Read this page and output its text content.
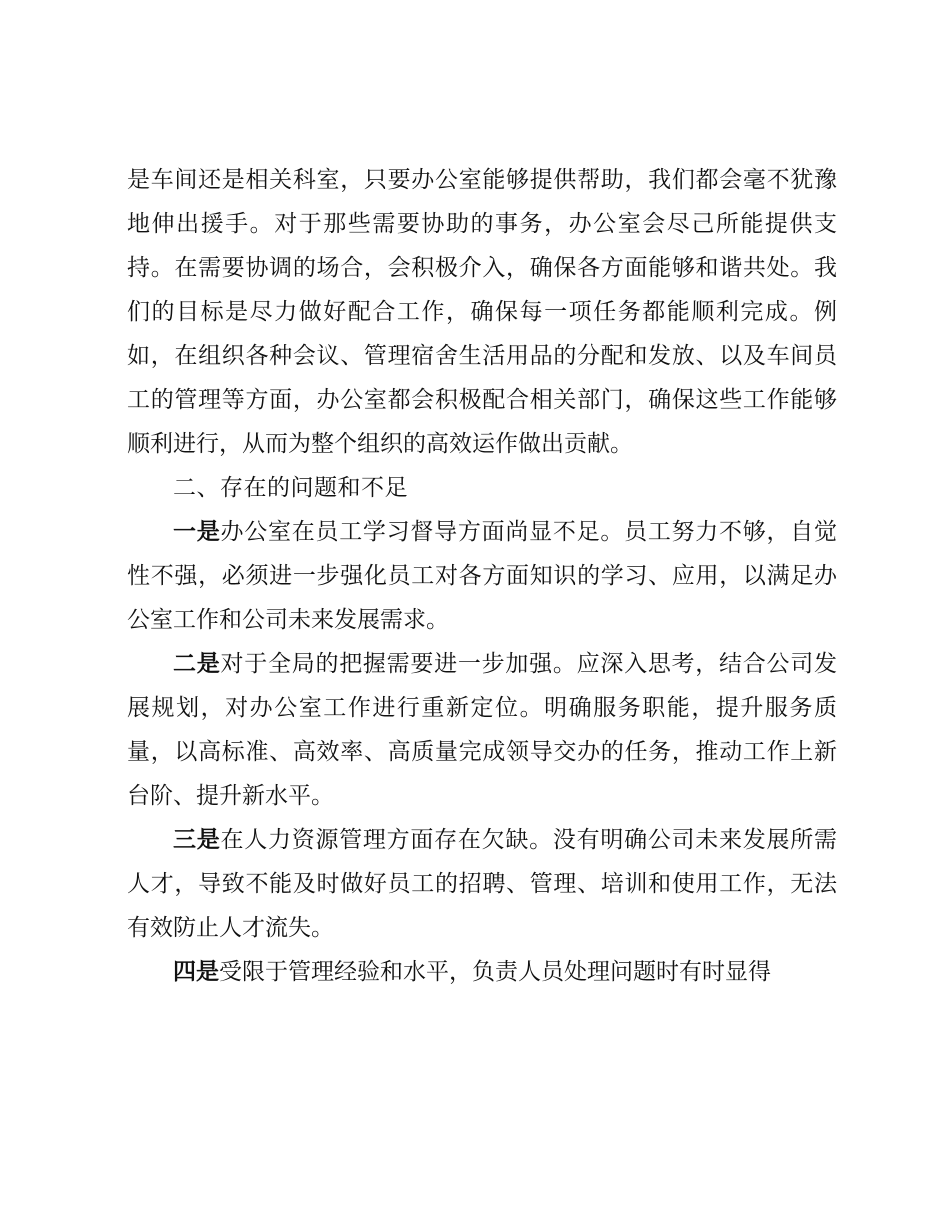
是车间还是相关科室，只要办公室能够提供帮助，我们都会毫不犹豫地伸出援手。对于那些需要协助的事务，办公室会尽己所能提供支持。在需要协调的场合，会积极介入，确保各方面能够和谐共处。我们的目标是尽力做好配合工作，确保每一项任务都能顺利完成。例如，在组织各种会议、管理宿舍生活用品的分配和发放、以及车间员工的管理等方面，办公室都会积极配合相关部门，确保这些工作能够顺利进行，从而为整个组织的高效运作做出贡献。

二、存在的问题和不足

一是办公室在员工学习督导方面尚显不足。员工努力不够，自觉性不强，必须进一步强化员工对各方面知识的学习、应用，以满足办公室工作和公司未来发展需求。

二是对于全局的把握需要进一步加强。应深入思考，结合公司发展规划，对办公室工作进行重新定位。明确服务职能，提升服务质量，以高标准、高效率、高质量完成领导交办的任务，推动工作上新台阶、提升新水平。

三是在人力资源管理方面存在欠缺。没有明确公司未来发展所需人才，导致不能及时做好员工的招聘、管理、培训和使用工作，无法有效防止人才流失。

四是受限于管理经验和水平，负责人员处理问题时有时显得
